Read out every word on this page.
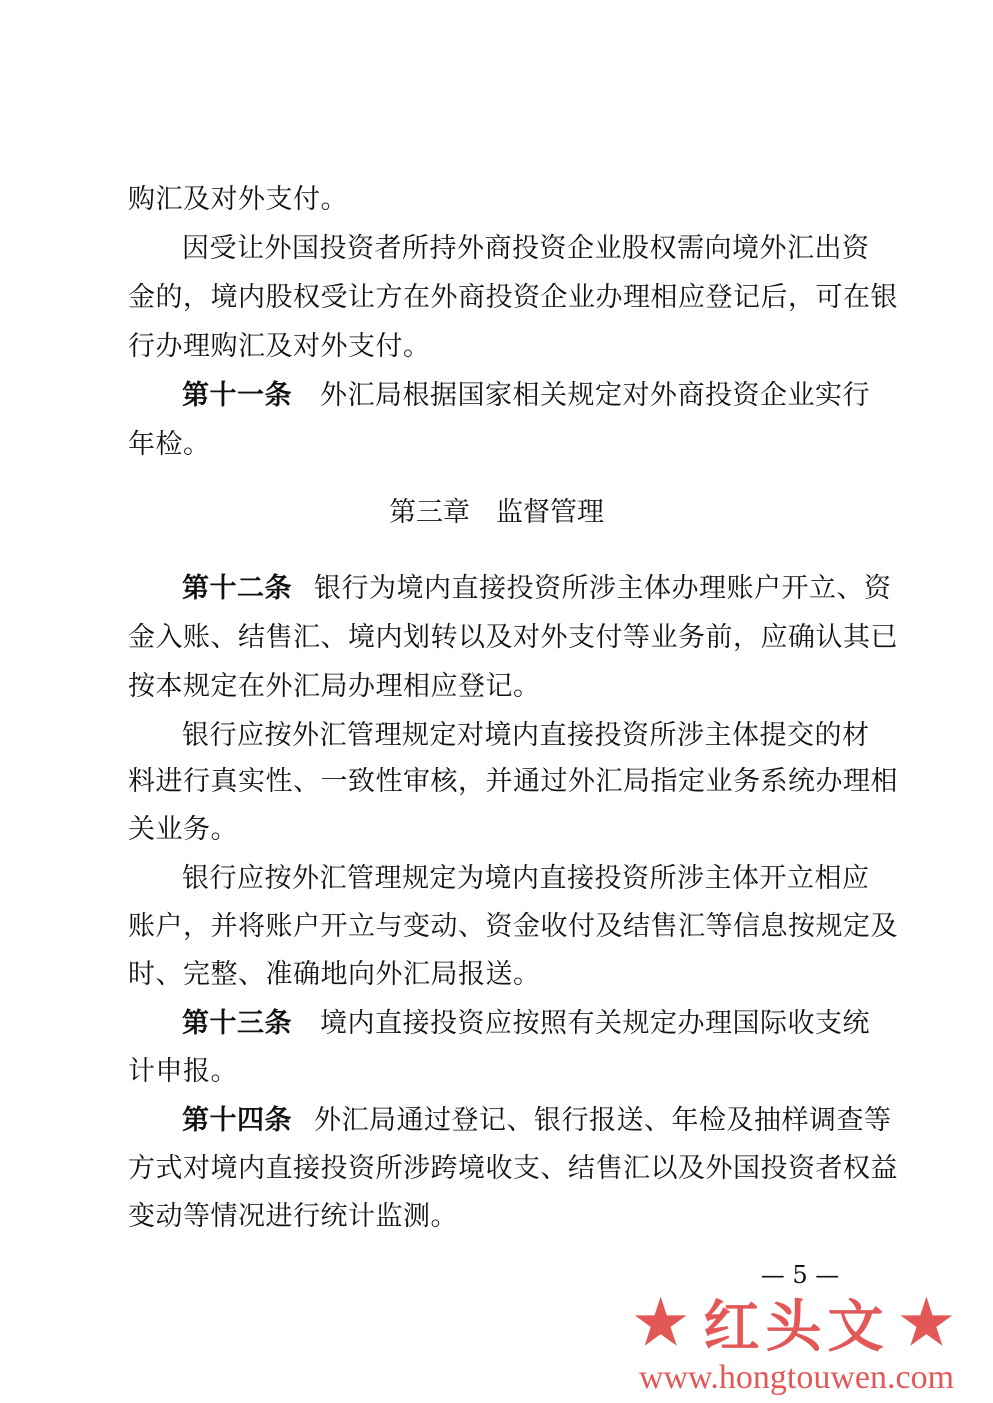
购汇及对外支付。
因受让外国投资者所持外商投资企业股权需向境外汇出资
金的，境内股权受让方在外商投资企业办理相应登记后，可在银
行办理购汇及对外支付。
第十一条 外汇局根据国家相关规定对外商投资企业实行
年检。
第三章 监督管理
第十二条 银行为境内直接投资所涉主体办理账户开立、资
金入账、结售汇、境内划转以及对外支付等业务前，应确认其已
按本规定在外汇局办理相应登记。
银行应按外汇管理规定对境内直接投资所涉主体提交的材
料进行真实性、一致性审核，并通过外汇局指定业务系统办理相
关业务。
银行应按外汇管理规定为境内直接投资所涉主体开立相应
账户，并将账户开立与变动、资金收付及结售汇等信息按规定及
时、完整、准确地向外汇局报送。
第十三条 境内直接投资应按照有关规定办理国际收支统
计申报。
第十四条 外汇局通过登记、银行报送、年检及抽样调查等
方式对境内直接投资所涉跨境收支、结售汇以及外国投资者权益
变动等情况进行统计监测。
— 5 —
★ 红头文 ★
www.hongtouwen.com
